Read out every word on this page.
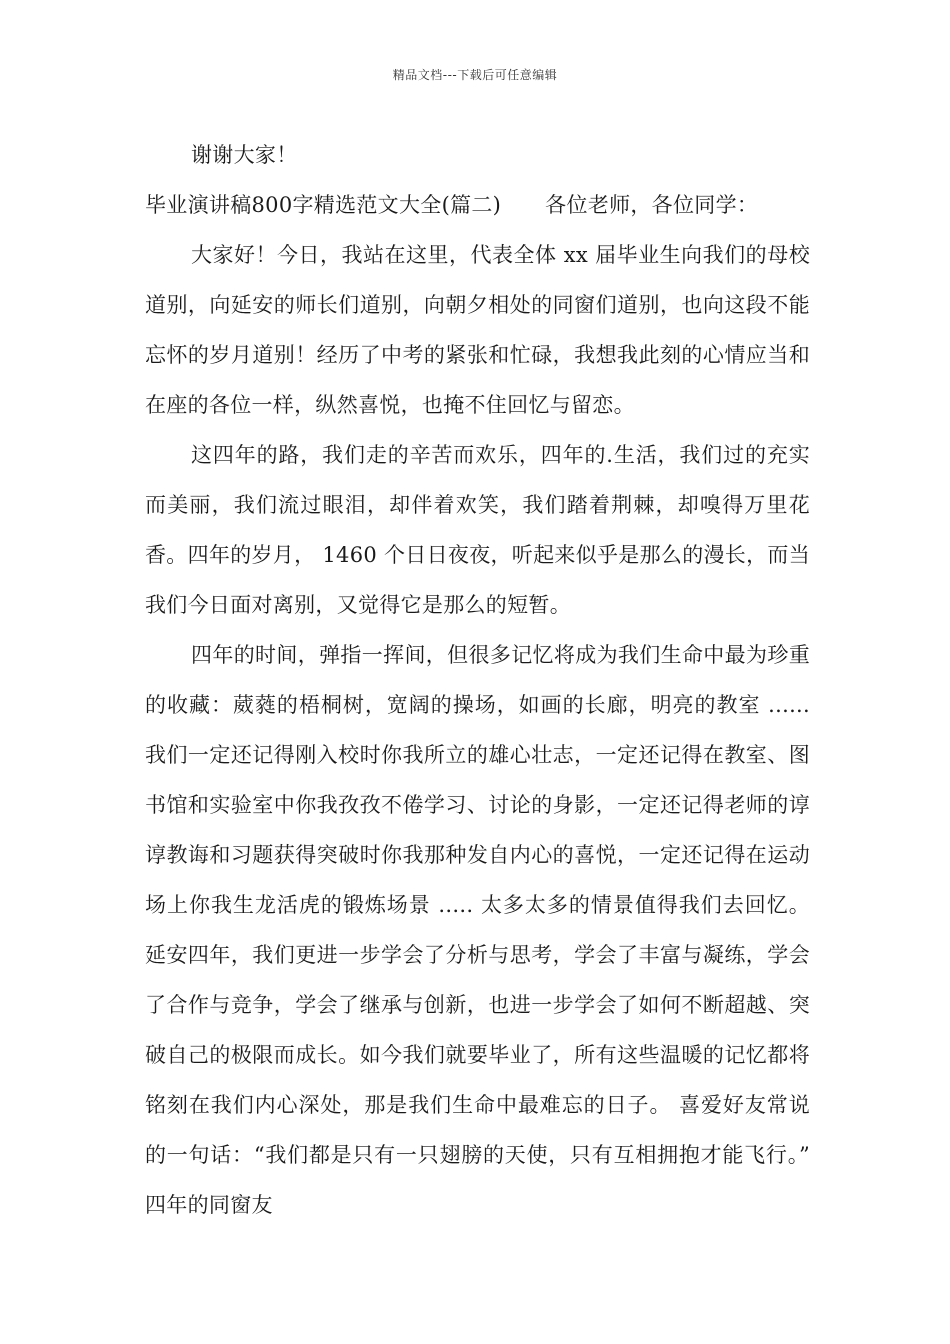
精品文档---下载后可任意编辑

谢谢大家！

毕业演讲稿800字精选范文大全(篇二) 各位老师，各位同学：

大家好！今日，我站在这里，代表全体 xx 届毕业生向我们的母校道别，向延安的师长们道别，向朝夕相处的同窗们道别，也向这段不能忘怀的岁月道别！经历了中考的紧张和忙碌，我想我此刻的心情应当和在座的各位一样，纵然喜悦，也掩不住回忆与留恋。

这四年的路，我们走的辛苦而欢乐，四年的.生活，我们过的充实而美丽，我们流过眼泪，却伴着欢笑，我们踏着荆棘，却嗅得万里花香。四年的岁月， 1460 个日日夜夜，听起来似乎是那么的漫长，而当我们今日面对离别，又觉得它是那么的短暂。

四年的时间，弹指一挥间，但很多记忆将成为我们生命中最为珍重的收藏：葳蕤的梧桐树，宽阔的操场，如画的长廊，明亮的教室 ...... 我们一定还记得刚入校时你我所立的雄心壮志，一定还记得在教室、图书馆和实验室中你我孜孜不倦学习、讨论的身影，一定还记得老师的谆谆教诲和习题获得突破时你我那种发自内心的喜悦，一定还记得在运动场上你我生龙活虎的锻炼场景 ..... 太多太多的情景值得我们去回忆。延安四年，我们更进一步学会了分析与思考，学会了丰富与凝练，学会了合作与竞争，学会了继承与创新，也进一步学会了如何不断超越、突破自己的极限而成长。如今我们就要毕业了，所有这些温暖的记忆都将铭刻在我们内心深处，那是我们生命中最难忘的日子。 喜爱好友常说的一句话：“我们都是只有一只翅膀的天使，只有互相拥抱才能飞行。” 四年的同窗友
